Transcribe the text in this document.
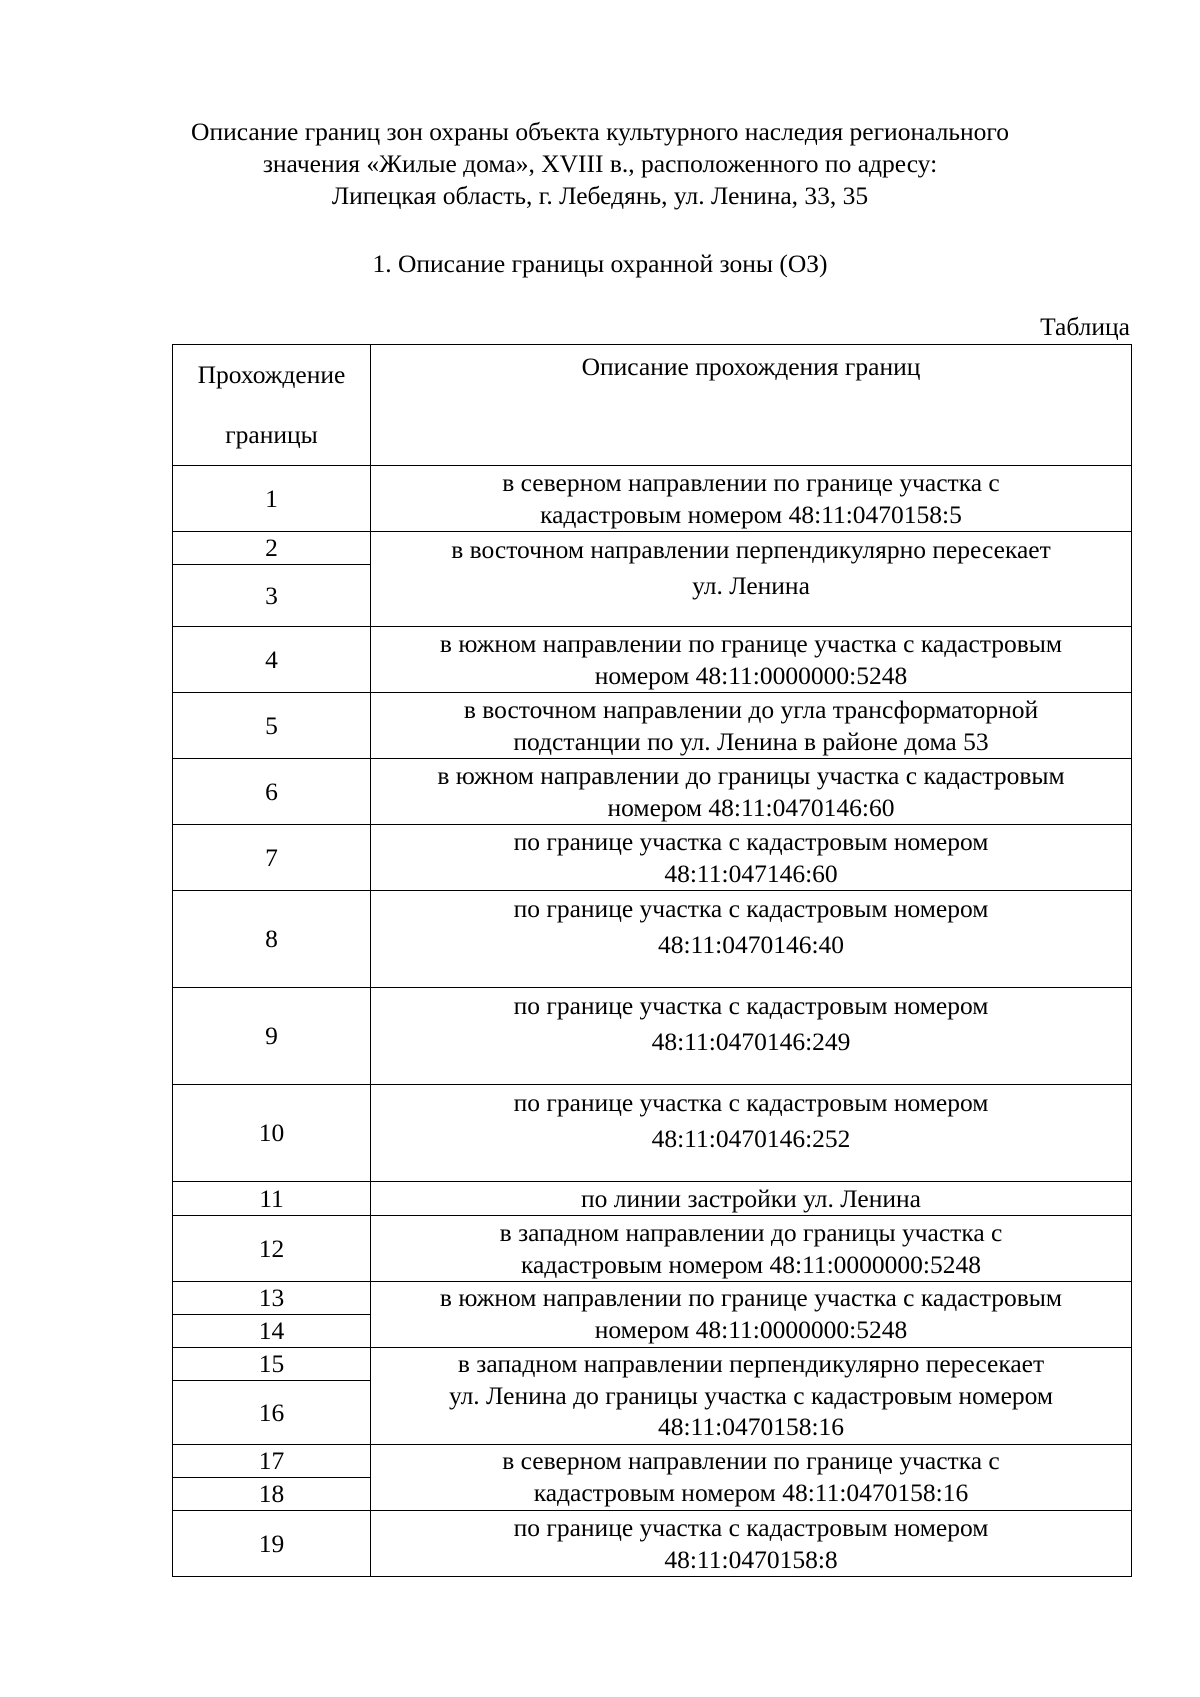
Описание границ зон охраны объекта культурного наследия регионального
значения «Жилые дома», XVIII в., расположенного по адресу:
Липецкая область, г. Лебедянь, ул. Ленина, 33, 35
1. Описание границы охранной зоны (ОЗ)
Таблица
Прохождение
границы	Описание прохождения границ
1	в северном направлении по границе участка с
кадастровым номером 48:11:0470158:5

2	в восточном направлении перпендикулярно пересекает
ул. Ленина

3	
4	в южном направлении по границе участка с кадастровым
номером 48:11:0000000:5248

5	в восточном направлении до угла трансформаторной
подстанции по ул. Ленина в районе дома 53

6	в южном направлении до границы участка с кадастровым
номером 48:11:0470146:60

7	по границе участка с кадастровым номером
48:11:047146:60

8	по границе участка с кадастровым номером
48:11:0470146:40

9	по границе участка с кадастровым номером
48:11:0470146:249

10	по границе участка с кадастровым номером
48:11:0470146:252

11	по линии застройки ул. Ленина

12	в западном направлении до границы участка с
кадастровым номером 48:11:0000000:5248

13	в южном направлении по границе участка с кадастровым
номером 48:11:0000000:5248

14	
15	в западном направлении перпендикулярно пересекает
ул. Ленина до границы участка с кадастровым номером
48:11:0470158:16

16	
17	в северном направлении по границе участка с
кадастровым номером 48:11:0470158:16

18	
19	по границе участка с кадастровым номером
48:11:0470158:8
